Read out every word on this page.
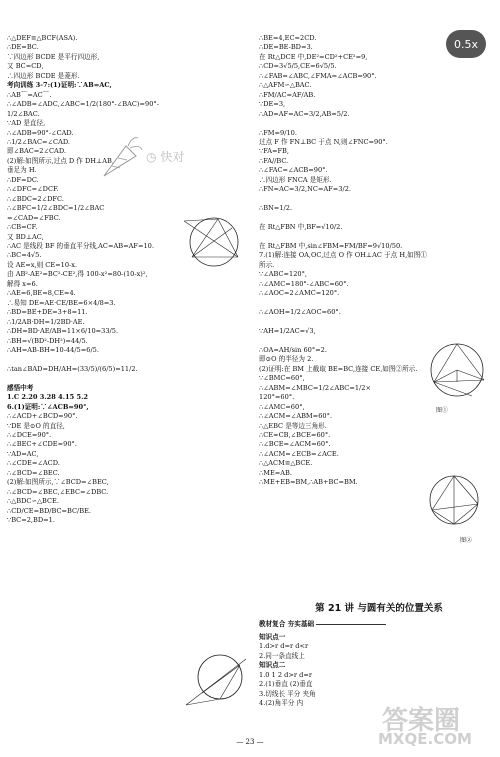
0.5x
∴△DEF≌△BCF(ASA).
∴DE=BC.
∵四边形 BCDE 是平行四边形,
又 BC=CD,
∴四边形 BCDE 是菱形.
考向训练 3-7:(1)证明:∵AB=AC,
∴AB⌒=AC⌒.
∴∠ADB=∠ADC,∠ABC=1/2(180°-∠BAC)=90°-
1/2∠BAC.
∵AD 是直径,
∴∠ADB=90°-∠CAD.
∴1/2∠BAC=∠CAD.
即∠BAC=2∠CAD.
(2)解:如图所示,过点 D 作 DH⊥AB,
垂足为 H.
∴DF=DC.
∴∠DFC=∠DCF.
∴∠BDC=2∠DFC.
∴∠BFC=1/2∠BDC=1/2∠BAC
=∠CAD=∠FBC.
∴CB=CF.
又 BD⊥AC,
∴AC 是线段 BF 的垂直平分线,AC=AB=AF=10.
∴BC=4√5.
设 AE=x,则 CE=10-x.
由 AB²-AE²=BC²-CE²,得 100-x²=80-(10-x)²,
解得 x=6.
∴AE=6,BE=8,CE=4.
∴易知 DE=AE·CE/BE=6×4/8=3.
∴BD=BE+DE=3+8=11.
∴1/2AB·DH=1/2BD·AE.
∴DH=BD·AE/AB=11×6/10=33/5.
∴BH=√(BD²-DH²)=44/5.
∴AH=AB-BH=10-44/5=6/5.

∴tan∠BAD=DH/AH=(33/5)/(6/5)=11/2.

感悟中考
1.C 2.20 3.28 4.15 5.2
6.(1)证明:∵∠ACB=90°,
∴∠ACD+∠BCD=90°.
∵DE 是⊙O 的直径,
∴∠DCE=90°.
∴∠BEC+∠CDE=90°.
∵AD=AC,
∴∠CDE=∠ACD.
∴∠BCD=∠BEC.
(2)解:如图所示,∵∠BCD=∠BEC,
∴∠BCD=∠BEC,∠EBC=∠DBC.
∴△BDC∽△BCE.
∴CD/CE=BD/BC=BC/BE.
∵BC=2,BD=1.
∴BE=4,EC=2CD.
∴DE=BE-BD=3.
在 Rt△DCE 中,DE²=CD²+CE²=9,
∴CD=3√5/5,CE=6√5/5.
∴∠FAB=∠ABC,∠FMA=∠ACB=90°.
∴△AFM∽△BAC.
∴FM/AC=AF/AB.
∵DE=3,
∴AD=AF=AC=3/2,AB=5/2.

∴FM=9/10.
过点 F 作 FN⊥BC 于点 N,则∠FNC=90°.
∵FA=FB,
∴FA//BC.
∴∠FAC=∠ACB=90°.
∴四边形 FNCA 是矩形.
∴FN=AC=3/2,NC=AF=3/2.

∴BN=1/2.

在 Rt△FBN 中,BF=√10/2.

在 Rt△FBM 中,sin∠FBM=FM/BF=9√10/50.
7.(1)解:连接 OA,OC,过点 O 作 OH⊥AC 于点 H,如图①
所示.
∵∠ABC=120°,
∴∠AMC=180°-∠ABC=60°.
∴∠AOC=2∠AMC=120°.

∴∠AOH=1/2∠AOC=60°.

∵AH=1/2AC=√3,

∴OA=AH/sin 60°=2.
即⊙O 的半径为 2.
(2)证明:在 BM 上截取 BE=BC,连接 CE,如图②所示.
∵∠BMC=60°,
∴∠ABM=∠MBC=1/2∠ABC=1/2×
120°=60°.
∴∠AMC=60°,
∴∠ACM=∠ABM=60°.
∴△EBC 是等边三角形.
∴CE=CB,∠BCE=60°.
∴∠BCE=∠ACM=60°.
∴∠ACM=∠ECB=∠ACE.
∴△ACM≌△BCE.
∴ME=AB.
∴ME+EB=BM,∴AB+BC=BM.
第 21 讲 与圆有关的位置关系
教材复合 夯实基础
知识点一
1.d>r d=r d<r
2.同一条直线上
知识点二
1.0 1 2 d>r d=r
2.(1)垂直 (2)垂直
3.切线长 平分 夹角
4.(2)角平分 内
— 23 —
◷ 快对
答案圈
MXQE.COM
图①
图②
